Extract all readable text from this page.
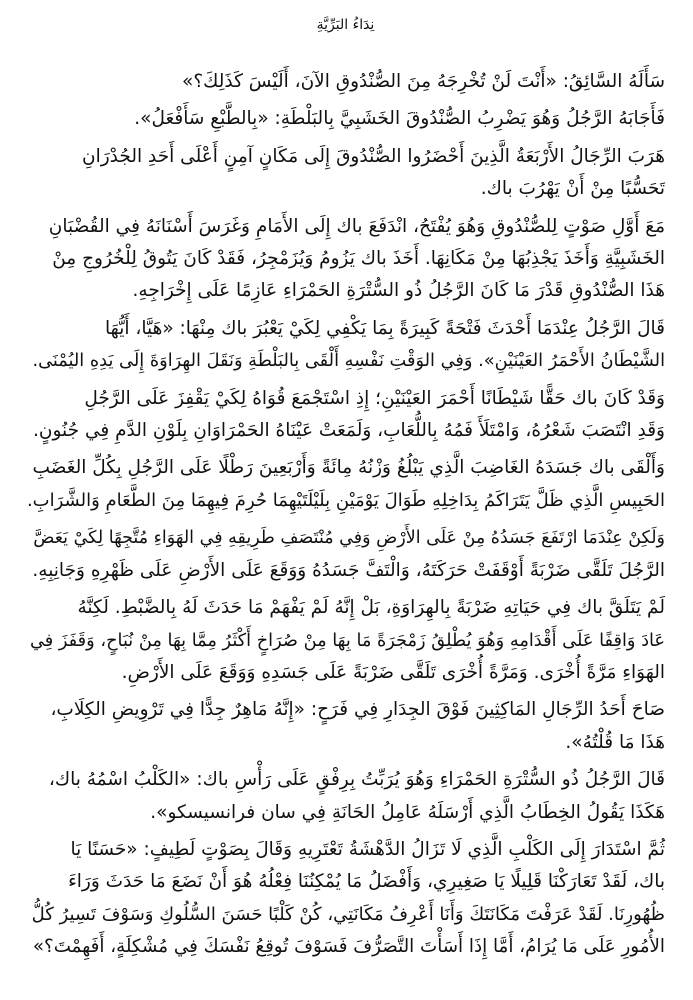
نِدَاءُ البَرِّيَّةِ

سَأَلَهُ السَّائِقُ: «أَنْتَ لَنْ تُخْرِجَهُ مِنَ الصُّنْدُوقِ الآنَ، أَلَيْسَ كَذَلِكَ؟»

فَأَجَابَهُ الرَّجُلُ وَهُوَ يَضْرِبُ الصُّنْدُوقَ الخَشَبِيَّ بِالبَلْطَةِ: «بِالطَّبْعِ سَأَفْعَلُ».

هَرَبَ الرِّجَالُ الأَرْبَعَةُ الَّذِينَ أَحْضَرُوا الصُّنْدُوقَ إِلَى مَكَانٍ آمِنٍ أَعْلَى أَحَدِ الجُدْرَانِ

تَحَسُّبًا مِنْ أَنْ يَهْرُبَ باك.

مَعَ أَوَّلِ صَوْتٍ لِلصُّنْدُوقِ وَهُوَ يُفْتَحُ، انْدَفَعَ باك إِلَى الأَمَامِ وَغَرَسَ أَسْنَانَهُ فِي القُضْبَانِ

الخَشَبِيَّةِ وَأَخَذَ يَجْذِبُهَا مِنْ مَكَانِهَا. أَخَذَ باك يَزُومُ وَيُزَمْجِرُ، فَقَدْ كَانَ يَتُوقُ لِلْخُرُوجِ مِنْ

هَذَا الصُّنْدُوقِ قَدْرَ مَا كَانَ الرَّجُلُ ذُو السُّتْرَةِ الحَمْرَاءِ عَازِمًا عَلَى إِخْرَاجِهِ.

قَالَ الرَّجُلُ عِنْدَمَا أَحْدَثَ فَتْحَةً كَبِيرَةً بِمَا يَكْفِي لِكَيْ يَعْبُرَ باك مِنْهَا: «هَيَّا، أَيُّهَا

الشَّيْطَانُ الأَحْمَرُ العَيْنَيْنِ». وَفِي الوَقْتِ نَفْسِهِ أَلْقَى بِالبَلْطَةِ وَنَقَلَ الهِرَاوَةَ إِلَى يَدِهِ اليُمْنَى.

وَقَدْ كَانَ باك حَقًّا شَيْطَانًا أَحْمَرَ العَيْنَيْنِ؛ إِذِ اسْتَجْمَعَ قُوَاهُ لِكَيْ يَقْفِزَ عَلَى الرَّجُلِ

وَقَدِ انْتَصَبَ شَعْرُهُ، وَامْتَلَأَ فَمُهُ بِاللُّعَابِ، وَلَمَعَتْ عَيْنَاهُ الحَمْرَاوَانِ بِلَوْنِ الدَّمِ فِي جُنُونٍ.

وَأَلْقَى باك جَسَدَهُ الغَاضِبَ الَّذِي يَبْلُغُ وَزْنُهُ مِائَةً وَأَرْبَعِينَ رَطْلًا عَلَى الرَّجُلِ بِكُلِّ الغَضَبِ

الحَبِيسِ الَّذِي ظَلَّ يَتَرَاكَمُ بِدَاخِلِهِ طَوَالَ يَوْمَيْنِ بِلَيْلَتَيْهِمَا حُرِمَ فِيهِمَا مِنَ الطَّعَامِ وَالشَّرَابِ.

وَلَكِنْ عِنْدَمَا ارْتَفَعَ جَسَدُهُ مِنْ عَلَى الأَرْضِ وَفِي مُنْتَصَفِ طَرِيقِهِ فِي الهَوَاءِ مُتَّجِهًا لِكَيْ يَعَضَّ

الرَّجُلَ تَلَقَّى ضَرْبَةً أَوْقَفَتْ حَرَكَتَهُ، وَالْتَفَّ جَسَدُهُ وَوَقَعَ عَلَى الأَرْضِ عَلَى ظَهْرِهِ وَجَانِبِهِ.

لَمْ يَتَلَقَّ باك فِي حَيَاتِهِ ضَرْبَةً بِالهِرَاوَةِ، بَلْ إِنَّهُ لَمْ يَفْهَمْ مَا حَدَثَ لَهُ بِالضَّبْطِ. لَكِنَّهُ

عَادَ وَاقِفًا عَلَى أَقْدَامِهِ وَهُوَ يُطْلِقُ زَمْجَرَةً مَا بِهَا مِنْ صُرَاخٍ أَكْثَرُ مِمَّا بِهَا مِنْ نُبَاحٍ، وَقَفَزَ فِي

الهَوَاءِ مَرَّةً أُخْرَى. وَمَرَّةً أُخْرَى تَلَقَّى ضَرْبَةً عَلَى جَسَدِهِ وَوَقَعَ عَلَى الأَرْضِ.

صَاحَ أَحَدُ الرِّجَالِ المَاكِثِينَ فَوْقَ الجِدَارِ فِي فَرَحٍ: «إِنَّهُ مَاهِرٌ جِدًّا فِي تَرْوِيضِ الكِلَابِ،

هَذَا مَا قُلْتُهُ».

قَالَ الرَّجُلُ ذُو السُّتْرَةِ الحَمْرَاءِ وَهُوَ يُرَبِّتُ بِرِفْقٍ عَلَى رَأْسِ باك: «الكَلْبُ اسْمُهُ باك،

هَكَذَا يَقُولُ الخِطَابُ الَّذِي أَرْسَلَهُ عَامِلُ الحَانَةِ فِي سان فرانسيسكو».

ثُمَّ اسْتَدَارَ إِلَى الكَلْبِ الَّذِي لَا تَزَالُ الدَّهْشَةُ تَعْتَرِيهِ وَقَالَ بِصَوْتٍ لَطِيفٍ: «حَسَنًا يَا

باك، لَقَدْ تَعَارَكْنَا قَلِيلًا يَا صَغِيرِي، وَأَفْضَلُ مَا يُمْكِنُنَا فِعْلُهُ هُوَ أَنْ نَضَعَ مَا حَدَثَ وَرَاءَ

ظُهُورِنَا. لَقَدْ عَرَفْتَ مَكَانَتَكَ وَأَنَا أَعْرِفُ مَكَانَتِي، كُنْ كَلْبًا حَسَنَ السُّلُوكِ وَسَوْفَ تَسِيرُ كُلُّ

الأُمُورِ عَلَى مَا يُرَامُ، أَمَّا إِذَا أَسَأْتَ التَّصَرُّفَ فَسَوْفَ تُوقِعُ نَفْسَكَ فِي مُشْكِلَةٍ، أَفَهِمْتَ؟»
